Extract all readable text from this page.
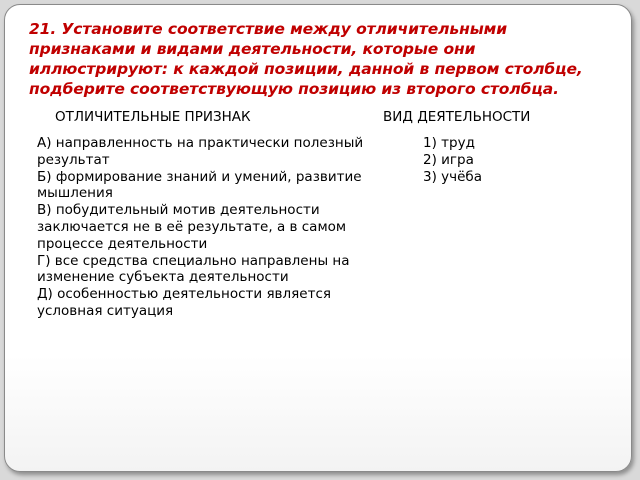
21. Установите соответствие между отличительными признаками и видами деятельности, которые они иллюстрируют: к каждой позиции, данной в первом столбце, подберите соответствующую позицию из второго столбца.

ОТЛИЧИТЕЛЬНЫЕ ПРИЗНАК	ВИД ДЕЯТЕЛЬНОСТИ
А) направленность на практически полезный результат
Б) формирование знаний и умений, развитие мышления
В) побудительный мотив деятельности заключается не в её результате, а в самом процессе деятельности
Г) все средства специально направлены на изменение субъекта деятельности
Д) особенностью деятельности является условная ситуация
1) труд
2) игра
3) учёба
